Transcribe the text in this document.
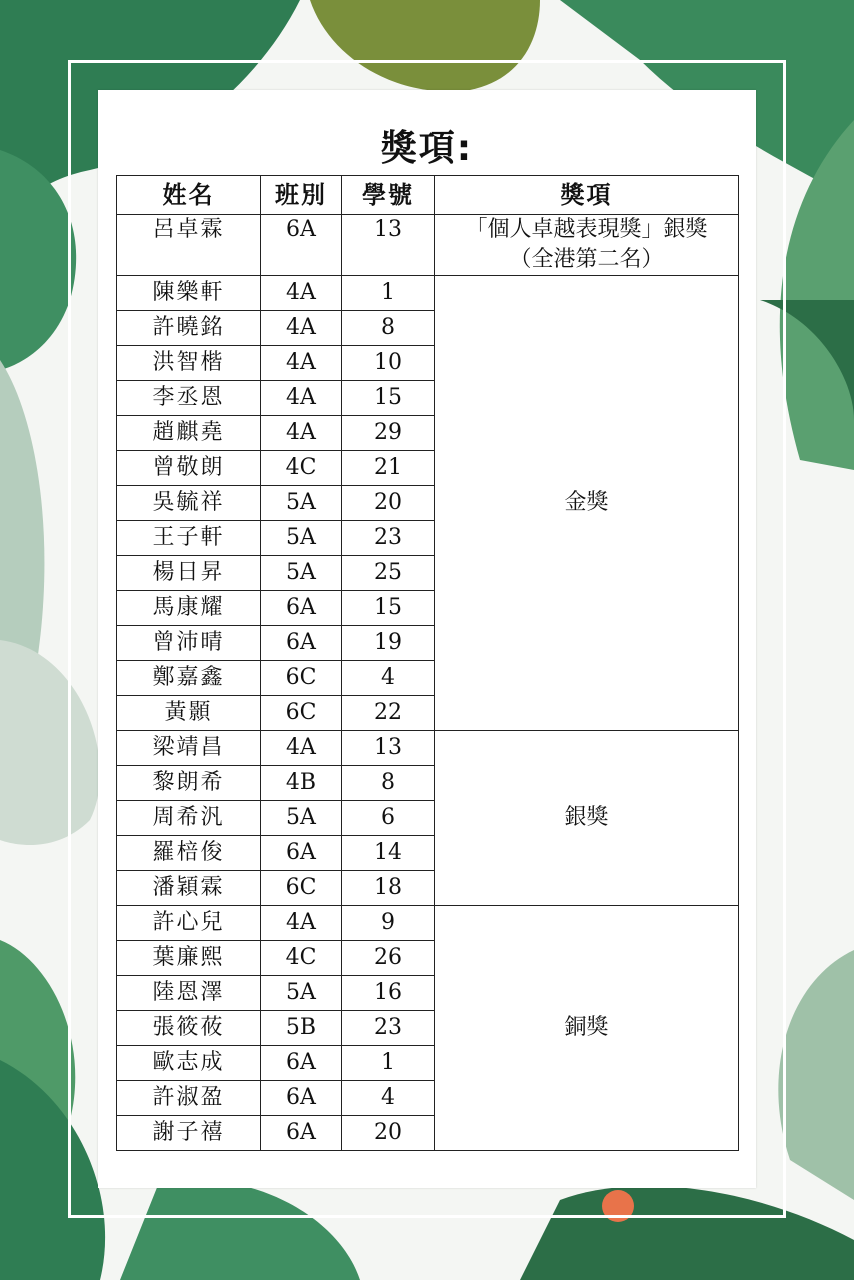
獎項:
姓名	班別	學號	獎項
呂卓霖	6A	13	「個人卓越表現獎」銀獎
（全港第二名）

陳樂軒	4A	1	金獎
許曉銘	4A	8	
洪智楷	4A	10	
李丞恩	4A	15	
趙麒堯	4A	29	
曾敬朗	4C	21	
吳毓祥	5A	20	
王子軒	5A	23	
楊日昇	5A	25	
馬康耀	6A	15	
曾沛晴	6A	19	
鄭嘉鑫	6C	4	
黃顥	6C	22	
梁靖昌	4A	13	銀獎
黎朗希	4B	8	
周希汎	5A	6	
羅棓俊	6A	14	
潘穎霖	6C	18	
許心兒	4A	9	銅獎
葉廉熙	4C	26	
陸恩澤	5A	16	
張筱莜	5B	23	
歐志成	6A	1	
許淑盈	6A	4	
謝子禧	6A	20	
